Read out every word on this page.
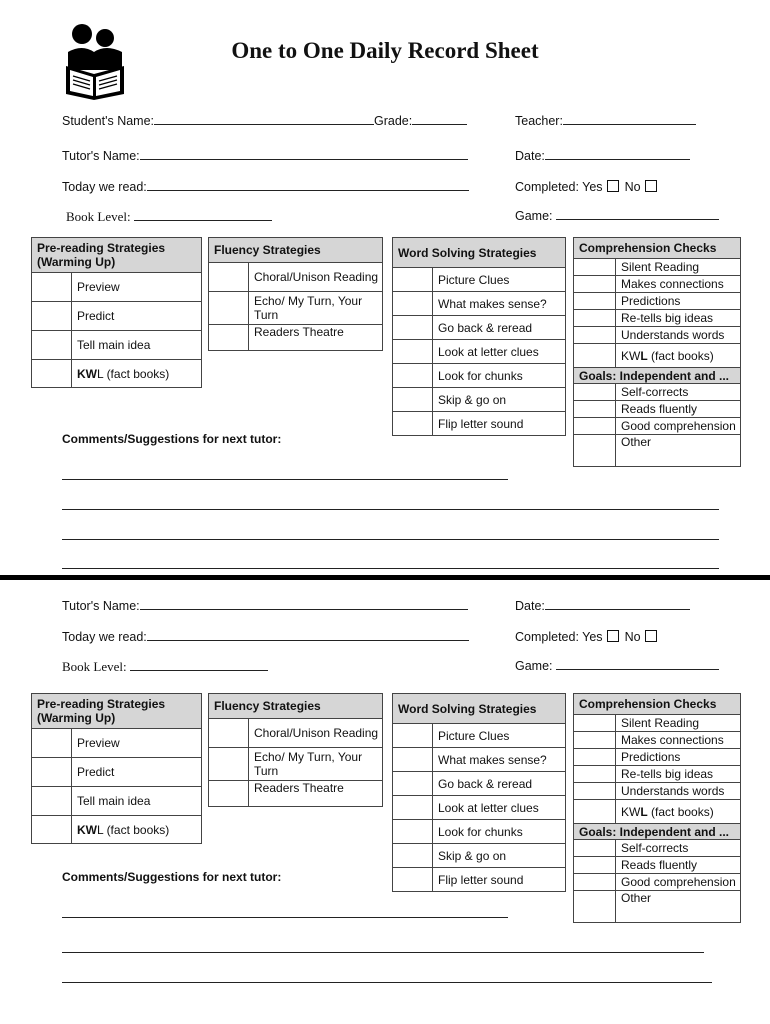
One to One Daily Record Sheet
Student's Name:	Grade:	Teacher:
Tutor's Name:	Date:
Today we read:	Completed: Yes No
Book Level:	Game:
Pre-reading Strategies (Warming Up)	
	Preview
	Predict
	Tell main idea
	KWL (fact books)
Fluency Strategies	
	Choral/Unison Reading
	Echo/ My Turn, Your Turn
	Readers Theatre
Word Solving Strategies	
	Picture Clues
	What makes sense?
	Go back & reread
	Look at letter clues
	Look for chunks
	Skip & go on
	Flip letter sound
Comprehension Checks	
	Silent Reading
	Makes connections
	Predictions
	Re-tells big ideas
	Understands words
	KWL (fact books)
Goals: Independent and ...	
	Self-corrects
	Reads fluently
	Good comprehension
	Other
Comments/Suggestions for next tutor:
Tutor's Name:	Date:
Today we read:	Completed: Yes No
Book Level:	Game:
Pre-reading Strategies (Warming Up)	
	Preview
	Predict
	Tell main idea
	KWL (fact books)
Fluency Strategies	
	Choral/Unison Reading
	Echo/ My Turn, Your Turn
	Readers Theatre
Word Solving Strategies	
	Picture Clues
	What makes sense?
	Go back & reread
	Look at letter clues
	Look for chunks
	Skip & go on
	Flip letter sound
Comprehension Checks	
	Silent Reading
	Makes connections
	Predictions
	Re-tells big ideas
	Understands words
	KWL (fact books)
Goals: Independent and ...	
	Self-corrects
	Reads fluently
	Good comprehension
	Other
Comments/Suggestions for next tutor:
